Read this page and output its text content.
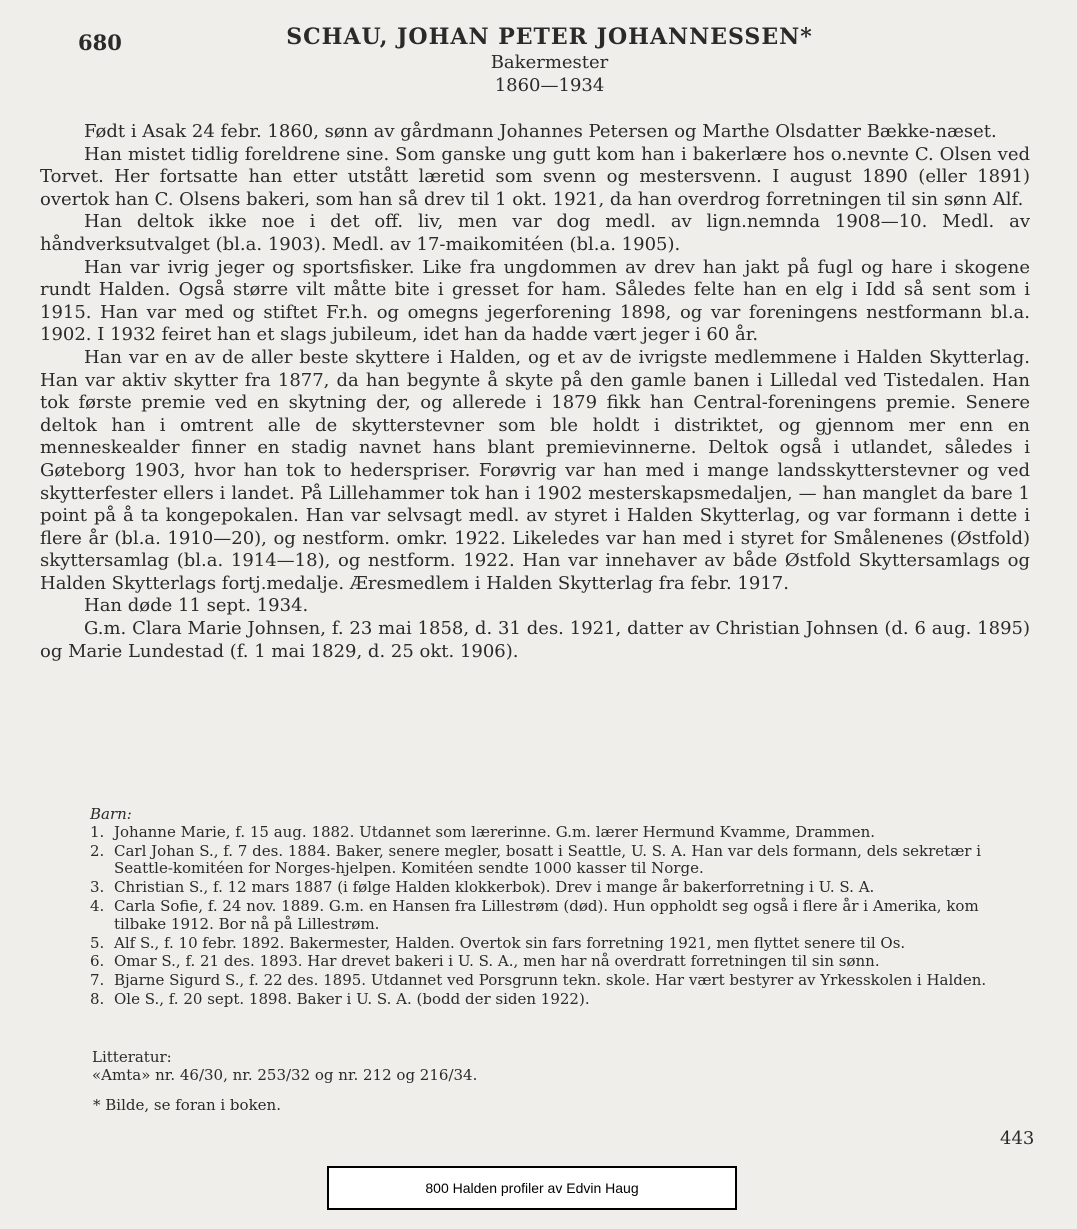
680	SCHAU, JOHAN PETER JOHANNESSEN*
Bakermester
1860—1934

Født i Asak 24 febr. 1860, sønn av gårdmann Johannes Petersen og Marthe Olsdatter Bække-næset.

Han mistet tidlig foreldrene sine. Som ganske ung gutt kom han i bakerlære hos o.nevnte C. Olsen ved Torvet. Her fortsatte han etter utstått læretid som svenn og mestersvenn. I august 1890 (eller 1891) overtok han C. Olsens bakeri, som han så drev til 1 okt. 1921, da han overdrog forretningen til sin sønn Alf.

Han deltok ikke noe i det off. liv, men var dog medl. av lign.nemnda 1908—10. Medl. av håndverksutvalget (bl.a. 1903). Medl. av 17-maikomitéen (bl.a. 1905).

Han var ivrig jeger og sportsfisker. Like fra ungdommen av drev han jakt på fugl og hare i skogene rundt Halden. Også større vilt måtte bite i gresset for ham. Således felte han en elg i Idd så sent som i 1915. Han var med og stiftet Fr.h. og omegns jegerforening 1898, og var foreningens nestformann bl.a. 1902. I 1932 feiret han et slags jubileum, idet han da hadde vært jeger i 60 år.

Han var en av de aller beste skyttere i Halden, og et av de ivrigste medlemmene i Halden Skytterlag. Han var aktiv skytter fra 1877, da han begynte å skyte på den gamle banen i Lilledal ved Tistedalen. Han tok første premie ved en skytning der, og allerede i 1879 fikk han Central-foreningens premie. Senere deltok han i omtrent alle de skytterstevner som ble holdt i distriktet, og gjennom mer enn en menneskealder finner en stadig navnet hans blant premievinnerne. Deltok også i utlandet, således i Gøteborg 1903, hvor han tok to hederspriser. Forøvrig var han med i mange landsskytterstevner og ved skytterfester ellers i landet. På Lillehammer tok han i 1902 mesterskapsmedaljen, — han manglet da bare 1 point på å ta kongepokalen. Han var selvsagt medl. av styret i Halden Skytterlag, og var formann i dette i flere år (bl.a. 1910—20), og nestform. omkr. 1922. Likeledes var han med i styret for Smålenenes (Østfold) skyttersamlag (bl.a. 1914—18), og nestform. 1922. Han var innehaver av både Østfold Skyttersamlags og Halden Skytterlags fortj.medalje. Æresmedlem i Halden Skytterlag fra febr. 1917.

Han døde 11 sept. 1934.

G.m. Clara Marie Johnsen, f. 23 mai 1858, d. 31 des. 1921, datter av Christian Johnsen (d. 6 aug. 1895) og Marie Lundestad (f. 1 mai 1829, d. 25 okt. 1906).

Barn:
1. Johanne Marie, f. 15 aug. 1882. Utdannet som lærerinne. G.m. lærer Hermund Kvamme, Drammen.
2. Carl Johan S., f. 7 des. 1884. Baker, senere megler, bosatt i Seattle, U. S. A. Han var dels formann, dels sekretær i Seattle-komitéen for Norges-hjelpen. Komitéen sendte 1000 kasser til Norge.
3. Christian S., f. 12 mars 1887 (i følge Halden klokkerbok). Drev i mange år bakerforretning i U. S. A.
4. Carla Sofie, f. 24 nov. 1889. G.m. en Hansen fra Lillestrøm (død). Hun oppholdt seg også i flere år i Amerika, kom tilbake 1912. Bor nå på Lillestrøm.
5. Alf S., f. 10 febr. 1892. Bakermester, Halden. Overtok sin fars forretning 1921, men flyttet senere til Os.
6. Omar S., f. 21 des. 1893. Har drevet bakeri i U. S. A., men har nå overdratt forretningen til sin sønn.
7. Bjarne Sigurd S., f. 22 des. 1895. Utdannet ved Porsgrunn tekn. skole. Har vært bestyrer av Yrkesskolen i Halden.
8. Ole S., f. 20 sept. 1898. Baker i U. S. A. (bodd der siden 1922).

Litteratur:

«Amta» nr. 46/30, nr. 253/32 og nr. 212 og 216/34.

* Bilde, se foran i boken.
443
800 Halden profiler av Edvin Haug
